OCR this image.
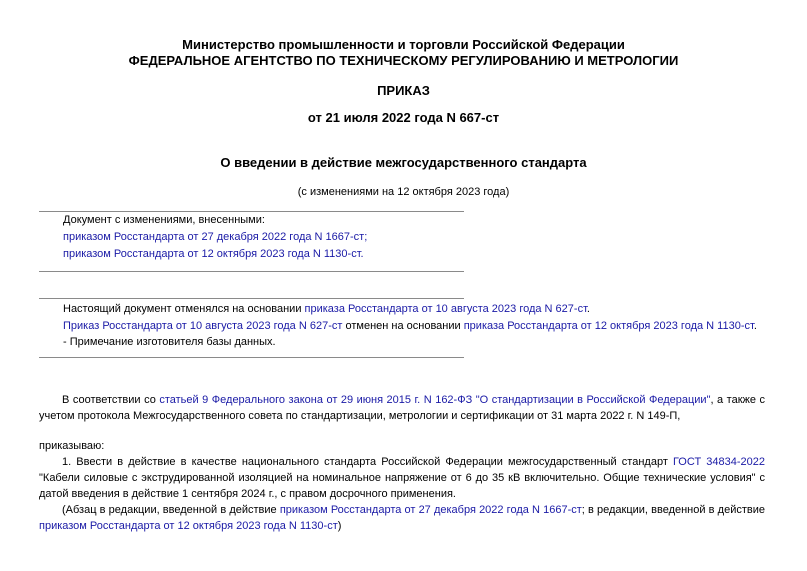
Министерство промышленности и торговли Российской Федерации
ФЕДЕРАЛЬНОЕ АГЕНТСТВО ПО ТЕХНИЧЕСКОМУ РЕГУЛИРОВАНИЮ И МЕТРОЛОГИИ
ПРИКАЗ
от 21 июля 2022 года N 667-ст
О введении в действие межгосударственного стандарта
(с изменениями на 12 октября 2023 года)
Документ с изменениями, внесенными:
приказом Росстандарта от 27 декабря 2022 года N 1667-ст;
приказом Росстандарта от 12 октября 2023 года N 1130-ст.
Настоящий документ отменялся на основании приказа Росстандарта от 10 августа 2023 года N 627-ст.
Приказ Росстандарта от 10 августа 2023 года N 627-ст отменен на основании приказа Росстандарта от 12 октября 2023 года N 1130-ст.
- Примечание изготовителя базы данных.
В соответствии со статьей 9 Федерального закона от 29 июня 2015 г. N 162-ФЗ "О стандартизации в Российской Федерации", а также с учетом протокола Межгосударственного совета по стандартизации, метрологии и сертификации от 31 марта 2022 г. N 149-П,
приказываю:
1. Ввести в действие в качестве национального стандарта Российской Федерации межгосударственный стандарт ГОСТ 34834-2022 "Кабели силовые с экструдированной изоляцией на номинальное напряжение от 6 до 35 кВ включительно. Общие технические условия" с датой введения в действие 1 сентября 2024 г., с правом досрочного применения.
(Абзац в редакции, введенной в действие приказом Росстандарта от 27 декабря 2022 года N 1667-ст; в редакции, введенной в действие приказом Росстандарта от 12 октября 2023 года N 1130-ст)
